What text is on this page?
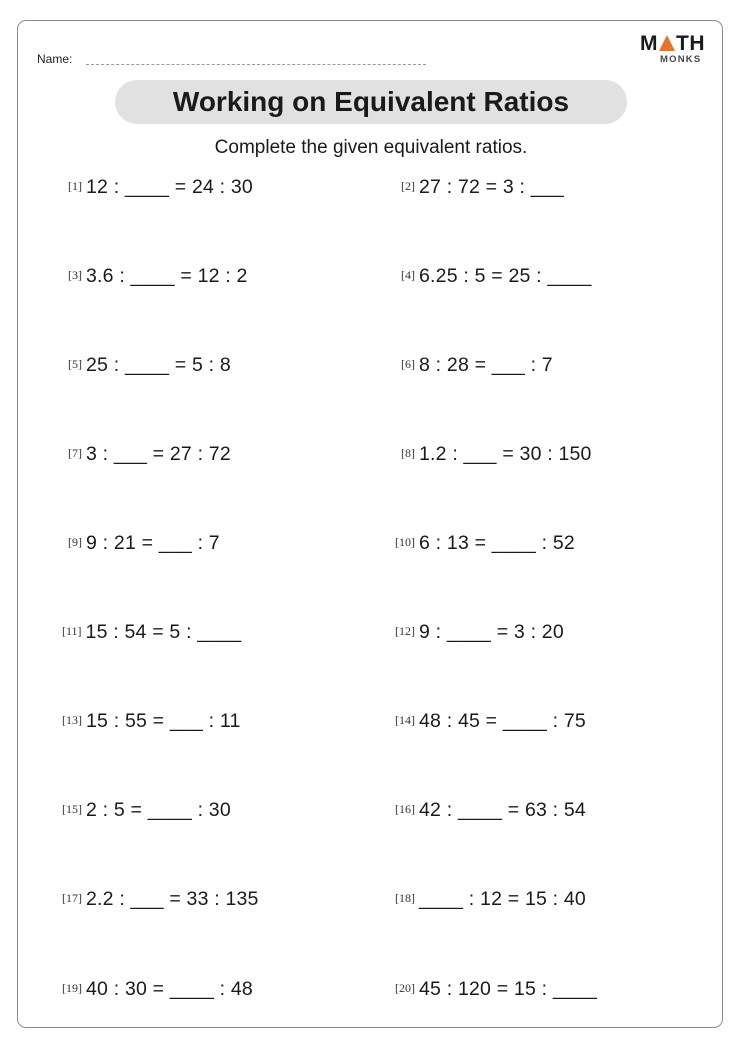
Name:
M TH
MONKS
Working on Equivalent Ratios
Complete the given equivalent ratios.
[1] 12 : ____ = 24 : 30
[3] 3.6 : ____ = 12 : 2
[5] 25 : ____ = 5 : 8
[7] 3 : ___ = 27 : 72
[9] 9 : 21 = ___ : 7
[11] 15 : 54 = 5 : ____
[13] 15 : 55 = ___ : 11
[15] 2 : 5 = ____ : 30
[17] 2.2 : ___ = 33 : 135
[19] 40 : 30 = ____ : 48
[2] 27 : 72 = 3 : ___
[4] 6.25 : 5 = 25 : ____
[6] 8 : 28 = ___ : 7
[8] 1.2 : ___ = 30 : 150
[10] 6 : 13 = ____ : 52
[12] 9 : ____ = 3 : 20
[14] 48 : 45 = ____ : 75
[16] 42 : ____ = 63 : 54
[18] ____ : 12 = 15 : 40
[20] 45 : 120 = 15 : ____
